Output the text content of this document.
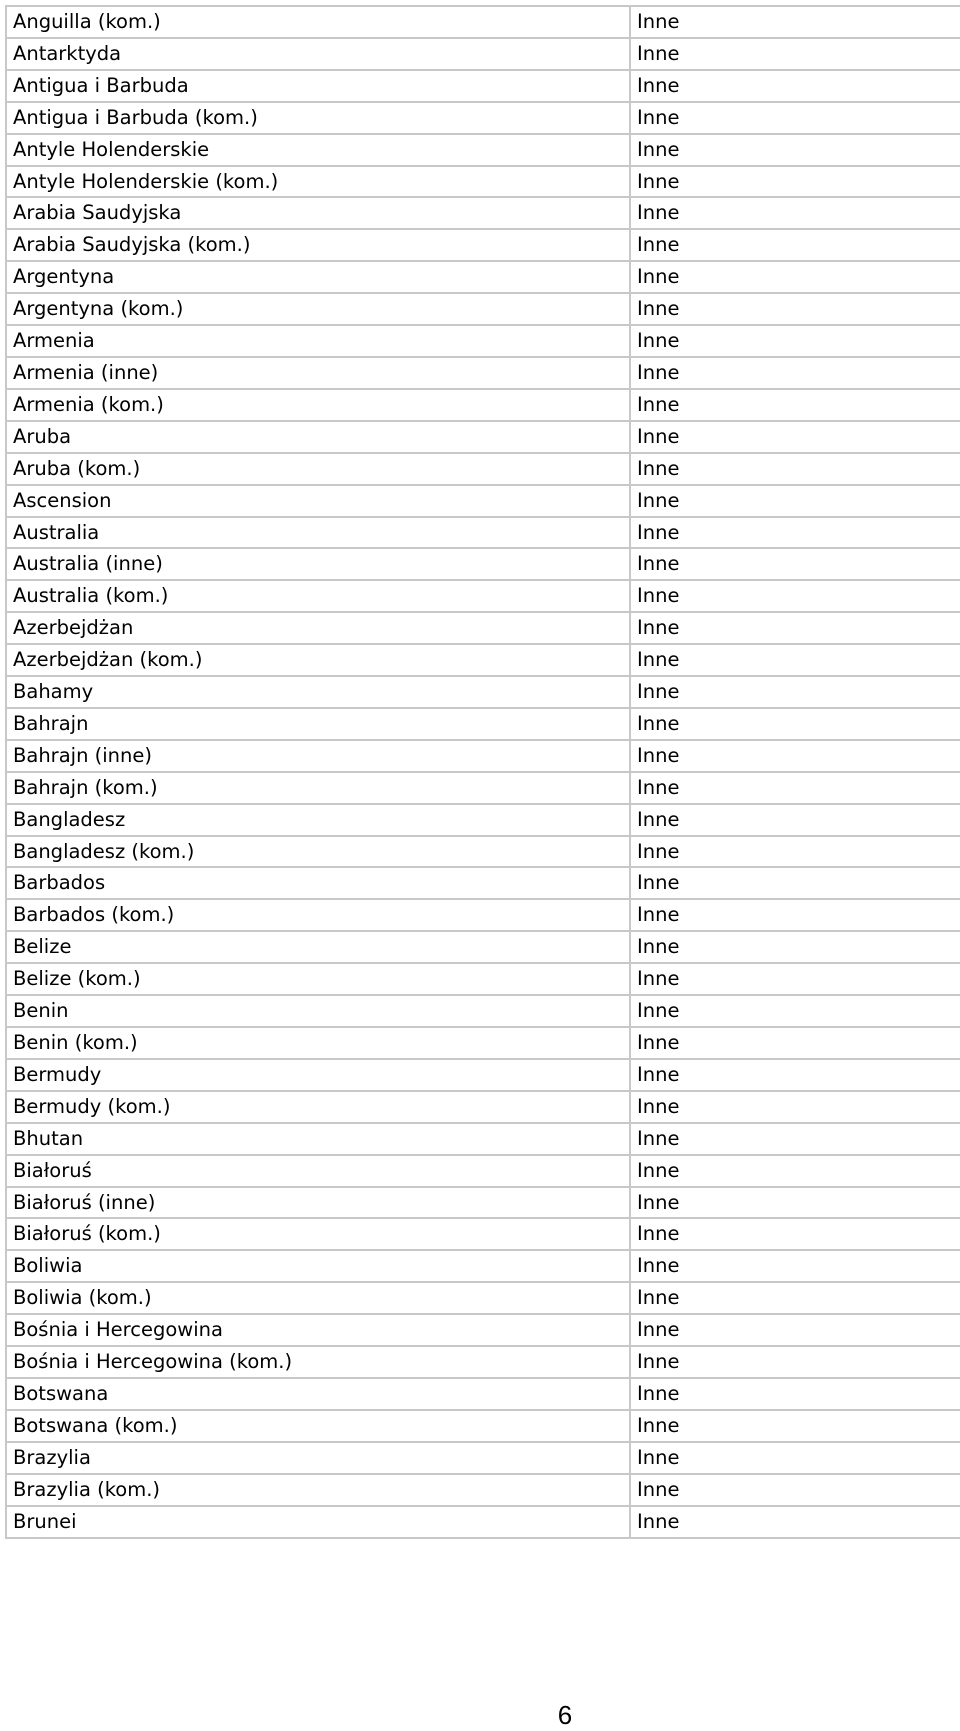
Anguilla (kom.)	Inne
Antarktyda	Inne
Antigua i Barbuda	Inne
Antigua i Barbuda (kom.)	Inne
Antyle Holenderskie	Inne
Antyle Holenderskie (kom.)	Inne
Arabia Saudyjska	Inne
Arabia Saudyjska (kom.)	Inne
Argentyna	Inne
Argentyna (kom.)	Inne
Armenia	Inne
Armenia (inne)	Inne
Armenia (kom.)	Inne
Aruba	Inne
Aruba (kom.)	Inne
Ascension	Inne
Australia	Inne
Australia (inne)	Inne
Australia (kom.)	Inne
Azerbejdżan	Inne
Azerbejdżan (kom.)	Inne
Bahamy	Inne
Bahrajn	Inne
Bahrajn (inne)	Inne
Bahrajn (kom.)	Inne
Bangladesz	Inne
Bangladesz (kom.)	Inne
Barbados	Inne
Barbados (kom.)	Inne
Belize	Inne
Belize (kom.)	Inne
Benin	Inne
Benin (kom.)	Inne
Bermudy	Inne
Bermudy (kom.)	Inne
Bhutan	Inne
Białoruś	Inne
Białoruś (inne)	Inne
Białoruś (kom.)	Inne
Boliwia	Inne
Boliwia (kom.)	Inne
Bośnia i Hercegowina	Inne
Bośnia i Hercegowina (kom.)	Inne
Botswana	Inne
Botswana (kom.)	Inne
Brazylia	Inne
Brazylia (kom.)	Inne
Brunei	Inne
6
